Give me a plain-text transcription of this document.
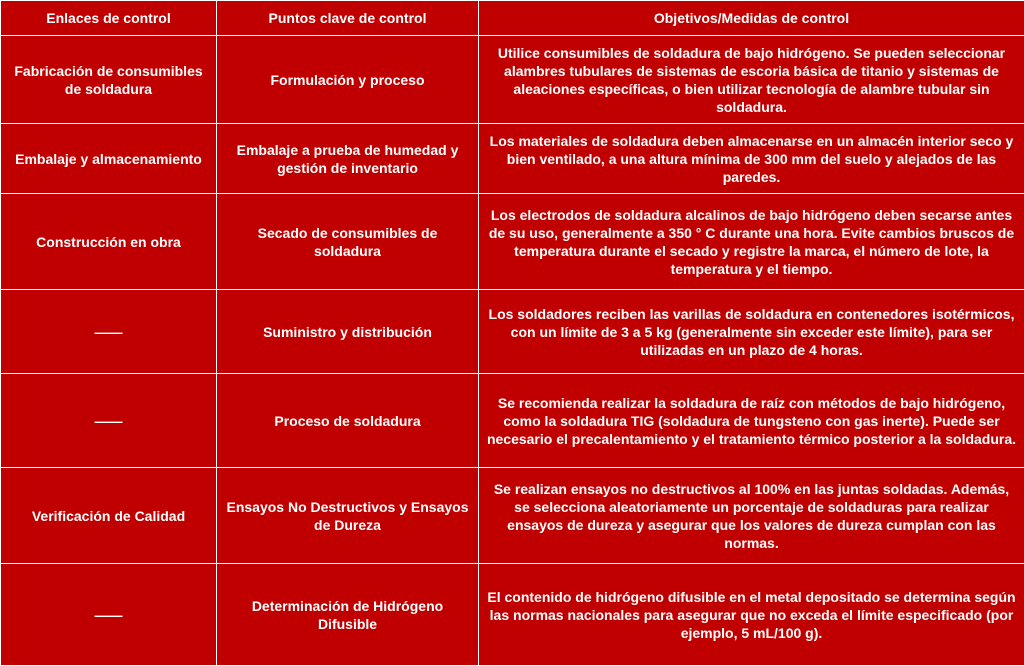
Enlaces de control	Puntos clave de control	Objetivos/Medidas de control
Fabricación de consumibles de soldadura	Formulación y proceso	Utilice consumibles de soldadura de bajo hidrógeno. Se pueden seleccionar alambres tubulares de sistemas de escoria básica de titanio y sistemas de aleaciones específicas, o bien utilizar tecnología de alambre tubular sin soldadura.
Embalaje y almacenamiento	Embalaje a prueba de humedad y gestión de inventario	Los materiales de soldadura deben almacenarse en un almacén interior seco y bien ventilado, a una altura mínima de 300 mm del suelo y alejados de las paredes.
Construcción en obra	Secado de consumibles de soldadura	Los electrodos de soldadura alcalinos de bajo hidrógeno deben secarse antes de su uso, generalmente a 350 ° C durante una hora. Evite cambios bruscos de temperatura durante el secado y registre la marca, el número de lote, la temperatura y el tiempo.
——	Suministro y distribución	Los soldadores reciben las varillas de soldadura en contenedores isotérmicos, con un límite de 3 a 5 kg (generalmente sin exceder este límite), para ser utilizadas en un plazo de 4 horas.
——	Proceso de soldadura	Se recomienda realizar la soldadura de raíz con métodos de bajo hidrógeno, como la soldadura TIG (soldadura de tungsteno con gas inerte). Puede ser necesario el precalentamiento y el tratamiento térmico posterior a la soldadura.
Verificación de Calidad	Ensayos No Destructivos y Ensayos de Dureza	Se realizan ensayos no destructivos al 100% en las juntas soldadas. Además, se selecciona aleatoriamente un porcentaje de soldaduras para realizar ensayos de dureza y asegurar que los valores de dureza cumplan con las normas.
——	Determinación de Hidrógeno Difusible	El contenido de hidrógeno difusible en el metal depositado se determina según las normas nacionales para asegurar que no exceda el límite especificado (por ejemplo, 5 mL/100 g).
